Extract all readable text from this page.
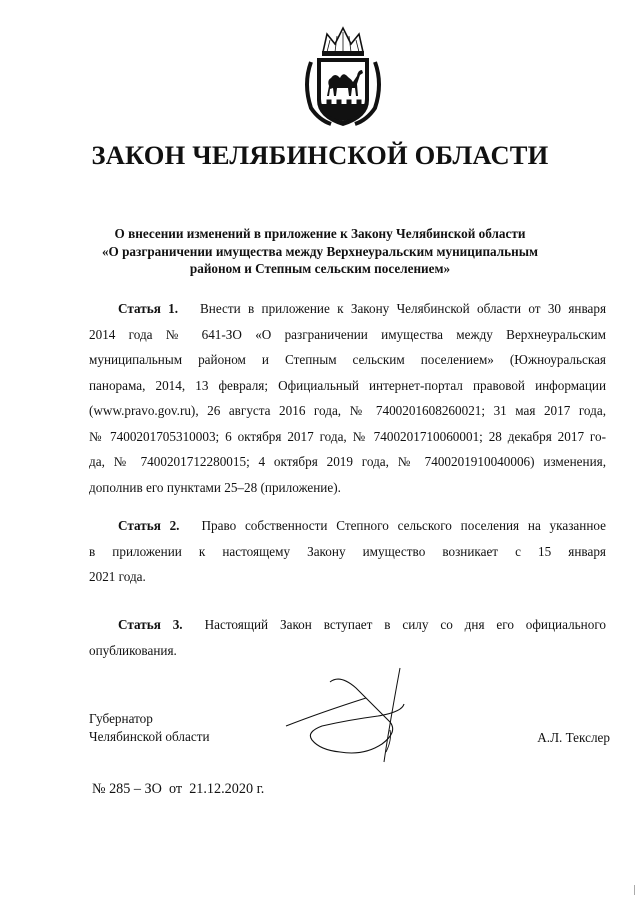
ЗАКОН ЧЕЛЯБИНСКОЙ ОБЛАСТИ
О внесении изменений в приложение к Закону Челябинской области
«О разграничении имущества между Верхнеуральским муниципальным
районом и Степным сельским поселением»
Статья 1. Внести в приложение к Закону Челябинской области от 30 января
2014 года № 641-ЗО «О разграничении имущества между Верхнеуральским
муниципальным районом и Степным сельским поселением» (Южноуральская
панорама, 2014, 13 февраля; Официальный интернет-портал правовой информации
(www.pravo.gov.ru), 26 августа 2016 года, № 7400201608260021; 31 мая 2017 года,
№ 7400201705310003; 6 октября 2017 года, № 7400201710060001; 28 декабря 2017 го-
да, № 7400201712280015; 4 октября 2019 года, № 7400201910040006) изменения,
дополнив его пунктами 25–28 (приложение).
Статья 2. Право собственности Степного сельского поселения на указанное
в приложении к настоящему Закону имущество возникает с 15 января
2021 года.
Статья 3. Настоящий Закон вступает в силу со дня его официального
опубликования.
Губернатор
Челябинской области	А.Л. Текслер
№ 285 – ЗО  от  21.12.2020 г.
